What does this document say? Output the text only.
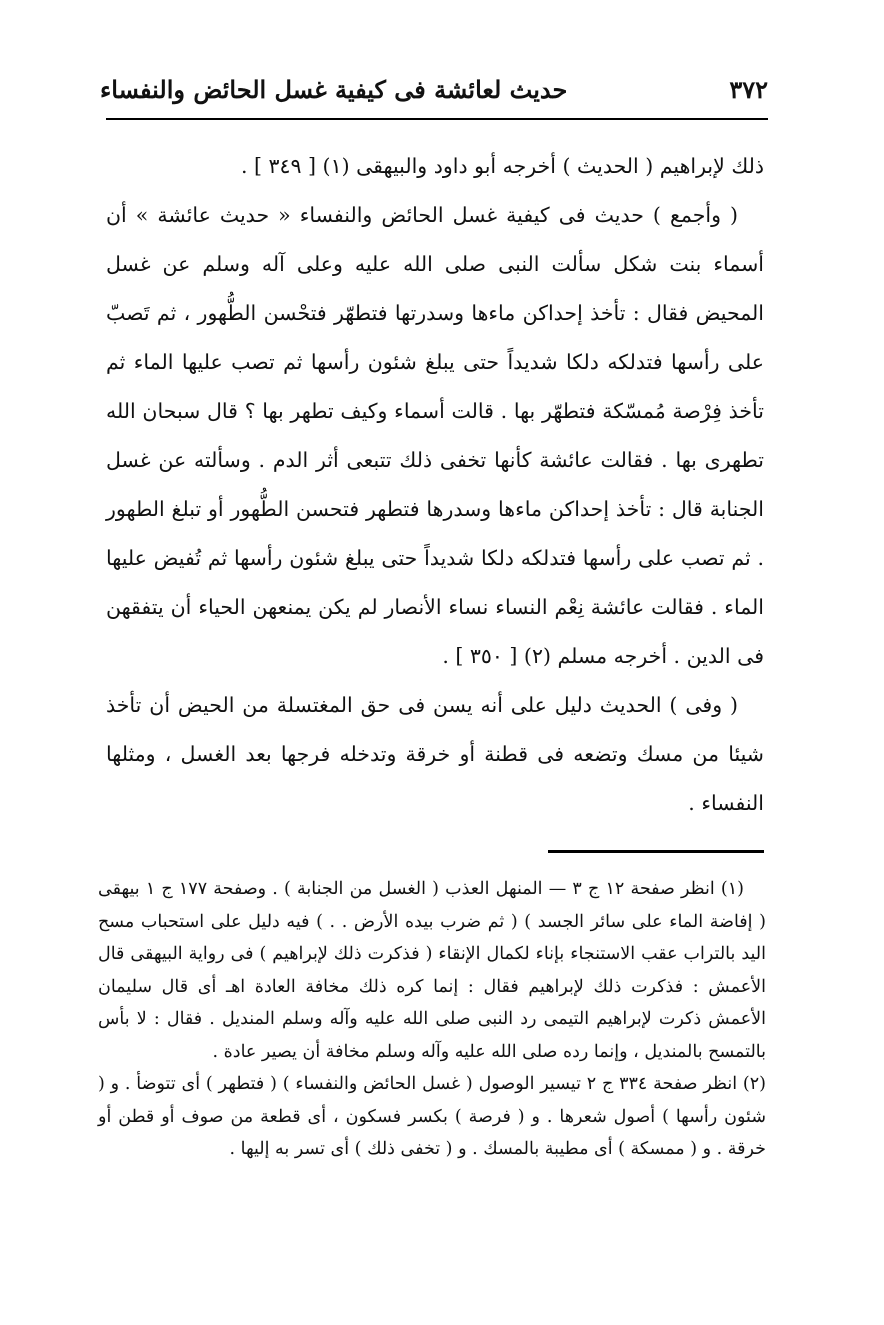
٣٧٢
حديث لعائشة فى كيفية غسل الحائض والنفساء

ذلك لإبراهيم ( الحديث ) أخرجه أبو داود والبيهقى (١) [ ٣٤٩ ] .

( وأجمع ) حديث فى كيفية غسل الحائض والنفساء « حديث عائشة » أن أسماء بنت شكل سألت النبى صلى الله عليه وعلى آله وسلم عن غسل المحيض فقال : تأخذ إحداكن ماءها وسدرتها فتطهّر فتحْسن الطُّهور ، ثم تَصبّ على رأسها فتدلكه دلكا شديداً حتى يبلغ شئون رأسها ثم تصب عليها الماء ثم تأخذ فِرْصة مُمسّكة فتطهّر بها . قالت أسماء وكيف تطهر بها ؟ قال سبحان الله تطهرى بها . فقالت عائشة كأنها تخفى ذلك تتبعى أثر الدم . وسألته عن غسل الجنابة قال : تأخذ إحداكن ماءها وسدرها فتطهر فتحسن الطُّهور أو تبلغ الطهور . ثم تصب على رأسها فتدلكه دلكا شديداً حتى يبلغ شئون رأسها ثم تُفيض عليها الماء . فقالت عائشة نِعْم النساء نساء الأنصار لم يكن يمنعهن الحياء أن يتفقهن فى الدين . أخرجه مسلم (٢) [ ٣٥٠ ] .

( وفى ) الحديث دليل على أنه يسن فى حق المغتسلة من الحيض أن تأخذ شيئا من مسك وتضعه فى قطنة أو خرقة وتدخله فرجها بعد الغسل ، ومثلها النفساء .

(١) انظر صفحة ١٢ ج ٣ — المنهل العذب ( الغسل من الجنابة ) . وصفحة ١٧٧ ج ١ بيهقى ( إفاضة الماء على سائر الجسد ) ( ثم ضرب بيده الأرض . . ) فيه دليل على استحباب مسح اليد بالتراب عقب الاستنجاء بإناء لكمال الإنقاء ( فذكرت ذلك لإبراهيم ) فى رواية البيهقى قال الأعمش : فذكرت ذلك لإبراهيم فقال : إنما كره ذلك مخافة العادة اهـ أى قال سليمان الأعمش ذكرت لإبراهيم التيمى رد النبى صلى الله عليه وآله وسلم المنديل . فقال : لا بأس بالتمسح بالمنديل ، وإنما رده صلى الله عليه وآله وسلم مخافة أن يصير عادة .

(٢) انظر صفحة ٣٣٤ ج ٢ تيسير الوصول ( غسل الحائض والنفساء ) ( فتطهر ) أى تتوضأ . و ( شئون رأسها ) أصول شعرها . و ( فرصة ) بكسر فسكون ، أى قطعة من صوف أو قطن أو خرقة . و ( ممسكة ) أى مطيبة بالمسك . و ( تخفى ذلك ) أى تسر به إليها .
